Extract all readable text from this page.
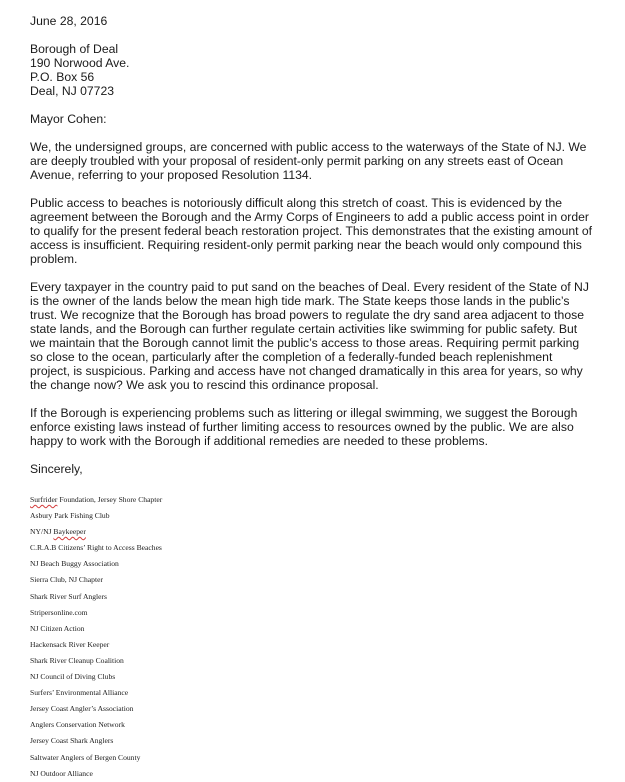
June 28, 2016
Borough of Deal
190 Norwood Ave.
P.O. Box 56
Deal, NJ 07723
Mayor Cohen:

We, the undersigned groups, are concerned with public access to the waterways of the State of NJ. We are deeply troubled with your proposal of resident-only permit parking on any streets east of Ocean Avenue, referring to your proposed Resolution 1134.

Public access to beaches is notoriously difficult along this stretch of coast. This is evidenced by the agreement between the Borough and the Army Corps of Engineers to add a public access point in order to qualify for the present federal beach restoration project. This demonstrates that the existing amount of access is insufficient. Requiring resident-only permit parking near the beach would only compound this problem.

Every taxpayer in the country paid to put sand on the beaches of Deal. Every resident of the State of NJ is the owner of the lands below the mean high tide mark. The State keeps those lands in the public’s trust. We recognize that the Borough has broad powers to regulate the dry sand area adjacent to those state lands, and the Borough can further regulate certain activities like swimming for public safety. But we maintain that the Borough cannot limit the public’s access to those areas. Requiring permit parking so close to the ocean, particularly after the completion of a federally-funded beach replenishment project, is suspicious. Parking and access have not changed dramatically in this area for years, so why the change now? We ask you to rescind this ordinance proposal.

If the Borough is experiencing problems such as littering or illegal swimming, we suggest the Borough enforce existing laws instead of further limiting access to resources owned by the public. We are also happy to work with the Borough if additional remedies are needed to these problems.

Sincerely,
Surfrider Foundation, Jersey Shore Chapter
Asbury Park Fishing Club
NY/NJ Baykeeper
C.R.A.B Citizens’ Right to Access Beaches
NJ Beach Buggy Association
Sierra Club, NJ Chapter
Shark River Surf Anglers
Stripersonline.com
NJ Citizen Action
Hackensack River Keeper
Shark River Cleanup Coalition
NJ Council of Diving Clubs
Surfers’ Environmental Alliance
Jersey Coast Angler’s Association
Anglers Conservation Network
Jersey Coast Shark Anglers
Saltwater Anglers of Bergen County
NJ Outdoor Alliance
